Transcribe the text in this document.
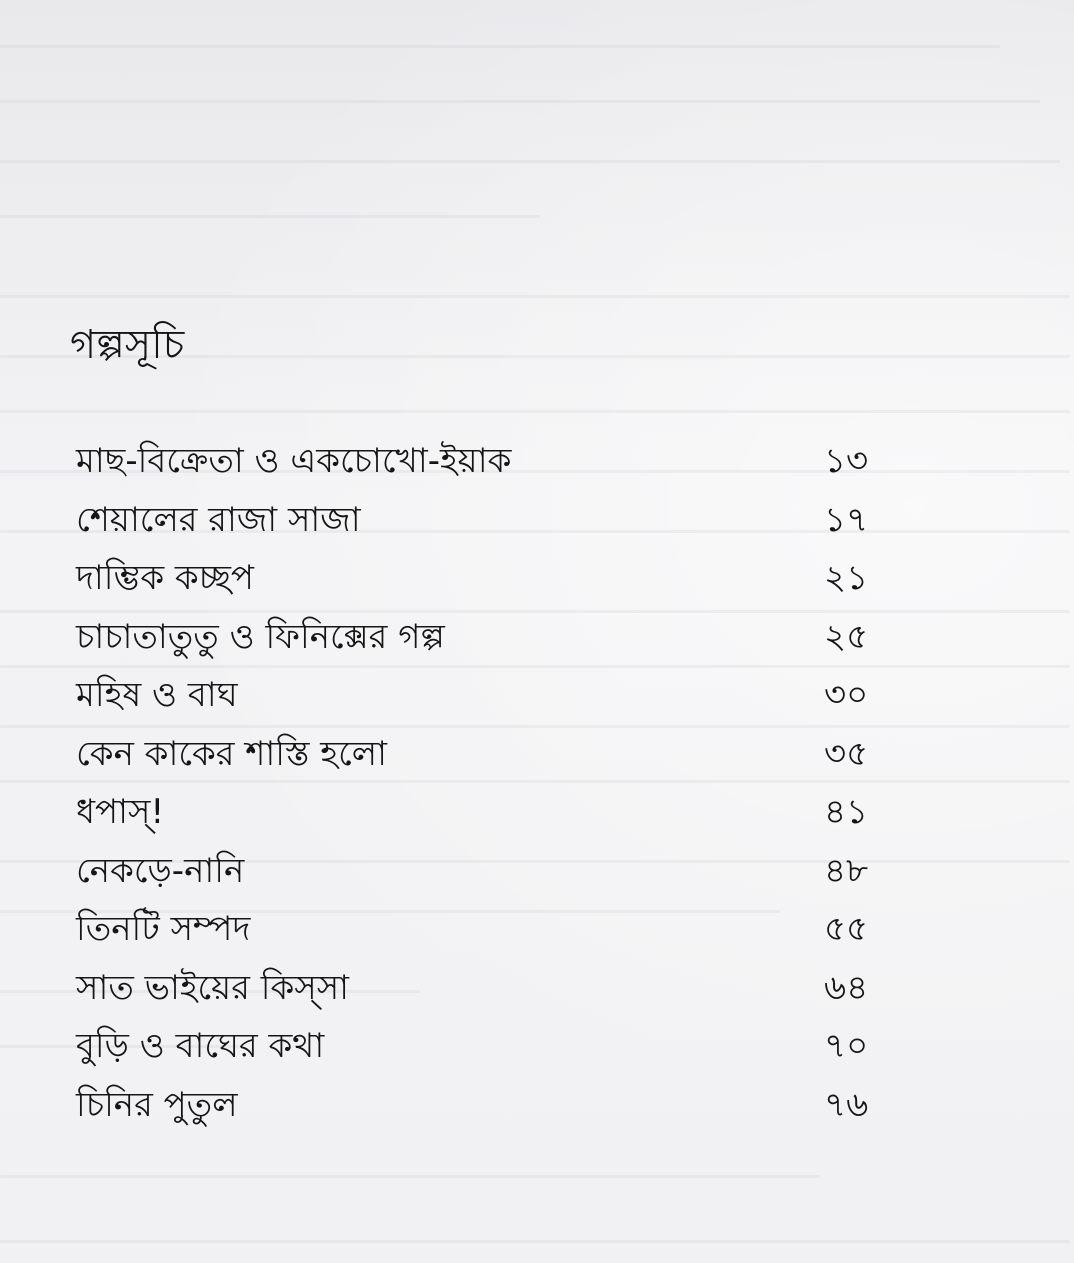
গল্পসূচি
মাছ-বিক্রেতা ও একচোখো-ইয়াক	১৩
শেয়ালের রাজা সাজা	১৭
দাম্ভিক কচ্ছপ	২১
চাচাতাতুতু ও ফিনিক্সের গল্প	২৫
মহিষ ও বাঘ	৩০
কেন কাকের শাস্তি হলো	৩৫
ধপাস্!	৪১
নেকড়ে-নানি	৪৮
তিনটি সম্পদ	৫৫
সাত ভাইয়ের কিস্সা	৬৪
বুড়ি ও বাঘের কথা	৭০
চিনির পুতুল	৭৬
